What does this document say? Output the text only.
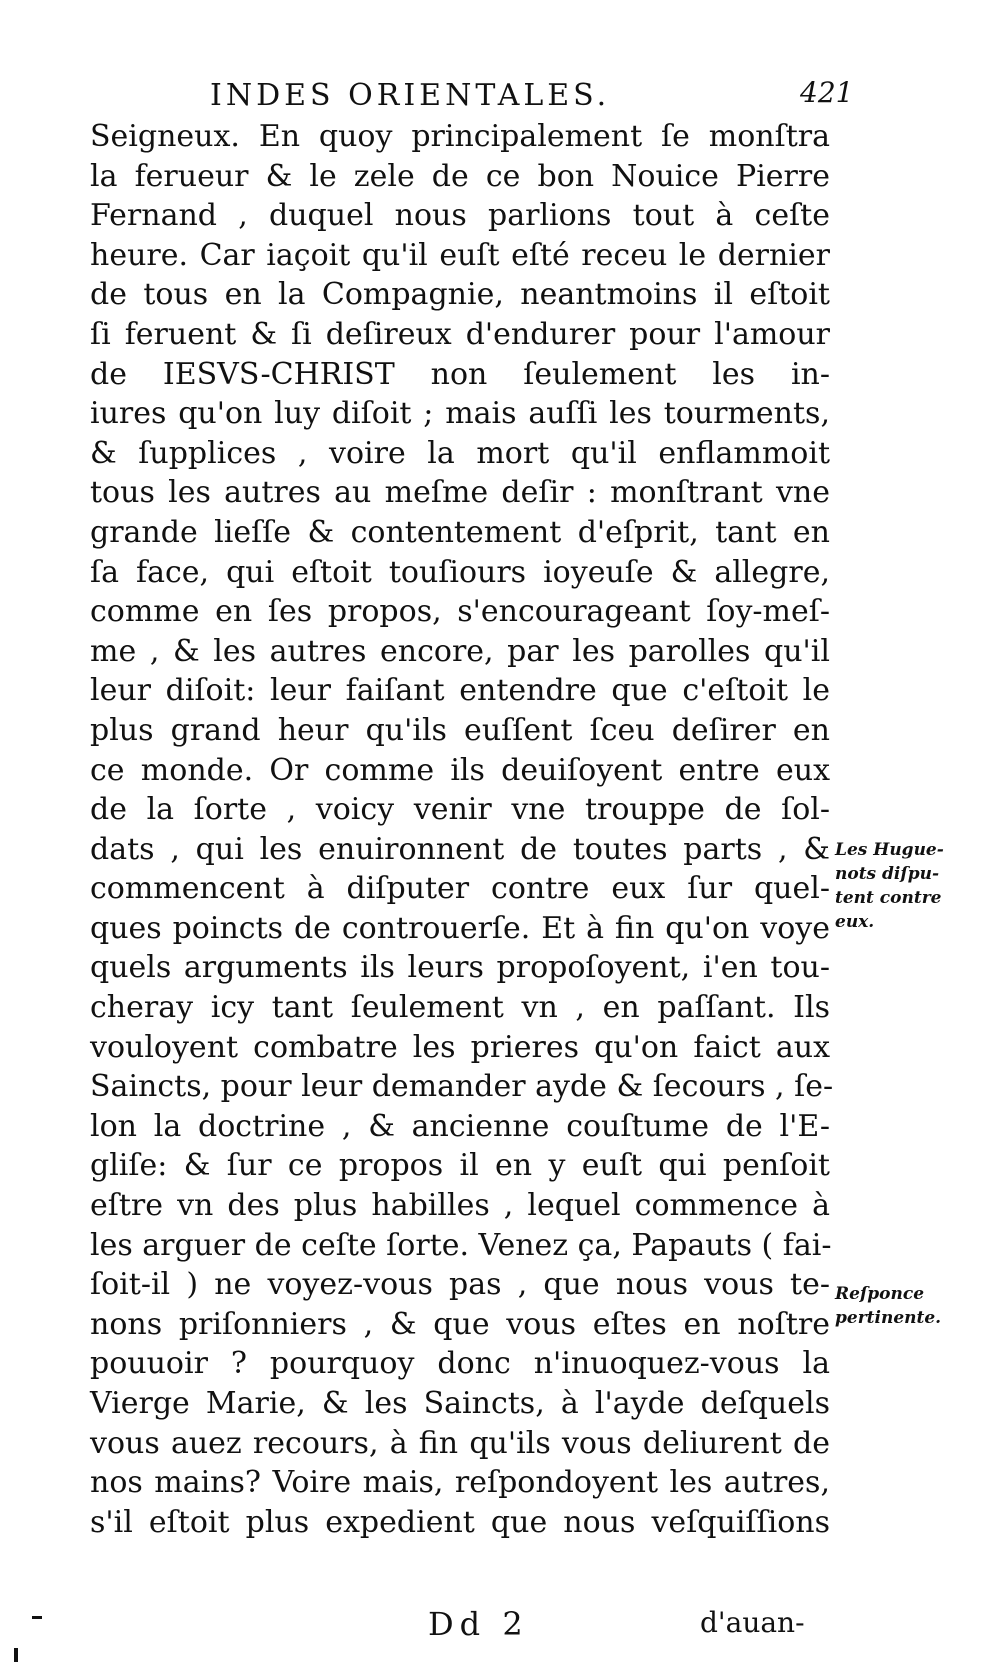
INDES ORIENTALES.	421
Seigneux. En quoy principalement ſe monſtra
la ferueur & le zele de ce bon Nouice Pierre
Fernand , duquel nous parlions tout à ceſte
heure. Car iaçoit qu'il euſt eſté receu le dernier
de tous en la Compagnie, neantmoins il eſtoit
ſi feruent & ſi deſireux d'endurer pour l'amour
de IESVS-CHRIST non ſeulement les in-
iures qu'on luy diſoit ; mais auſſi les tourments,
& ſupplices , voire la mort qu'il enflammoit
tous les autres au meſme deſir : monſtrant vne
grande lieſſe & contentement d'eſprit, tant en
ſa face, qui eſtoit touſiours ioyeuſe & allegre,
comme en ſes propos, s'encourageant ſoy-meſ-
me , & les autres encore, par les parolles qu'il
leur diſoit: leur faiſant entendre que c'eſtoit le
plus grand heur qu'ils euſſent ſceu deſirer en
ce monde. Or comme ils deuiſoyent entre eux
de la ſorte , voicy venir vne trouppe de ſol-
dats , qui les enuironnent de toutes parts , &
commencent à diſputer contre eux ſur quel-
ques poincts de controuerſe. Et à fin qu'on voye
quels arguments ils leurs propoſoyent, i'en tou-
cheray icy tant ſeulement vn , en paſſant. Ils
vouloyent combatre les prieres qu'on faict aux
Saincts, pour leur demander ayde & ſecours , ſe-
lon la doctrine , & ancienne couſtume de l'E-
gliſe: & ſur ce propos il en y euſt qui penſoit
eſtre vn des plus habilles , lequel commence à
les arguer de ceſte ſorte. Venez ça, Papauts ( fai-
ſoit-il ) ne voyez-vous pas , que nous vous te-
nons priſonniers , & que vous eſtes en noſtre
pouuoir ? pourquoy donc n'inuoquez-vous la
Vierge Marie, & les Saincts, à l'ayde deſquels
vous auez recours, à fin qu'ils vous deliurent de
nos mains? Voire mais, reſpondoyent les autres,
s'il eſtoit plus expedient que nous veſquiſſions
Les Hugue-
nots diſpu-
tent contre
eux.
Reſponce
pertinente.
Dd 2	d'auan-
